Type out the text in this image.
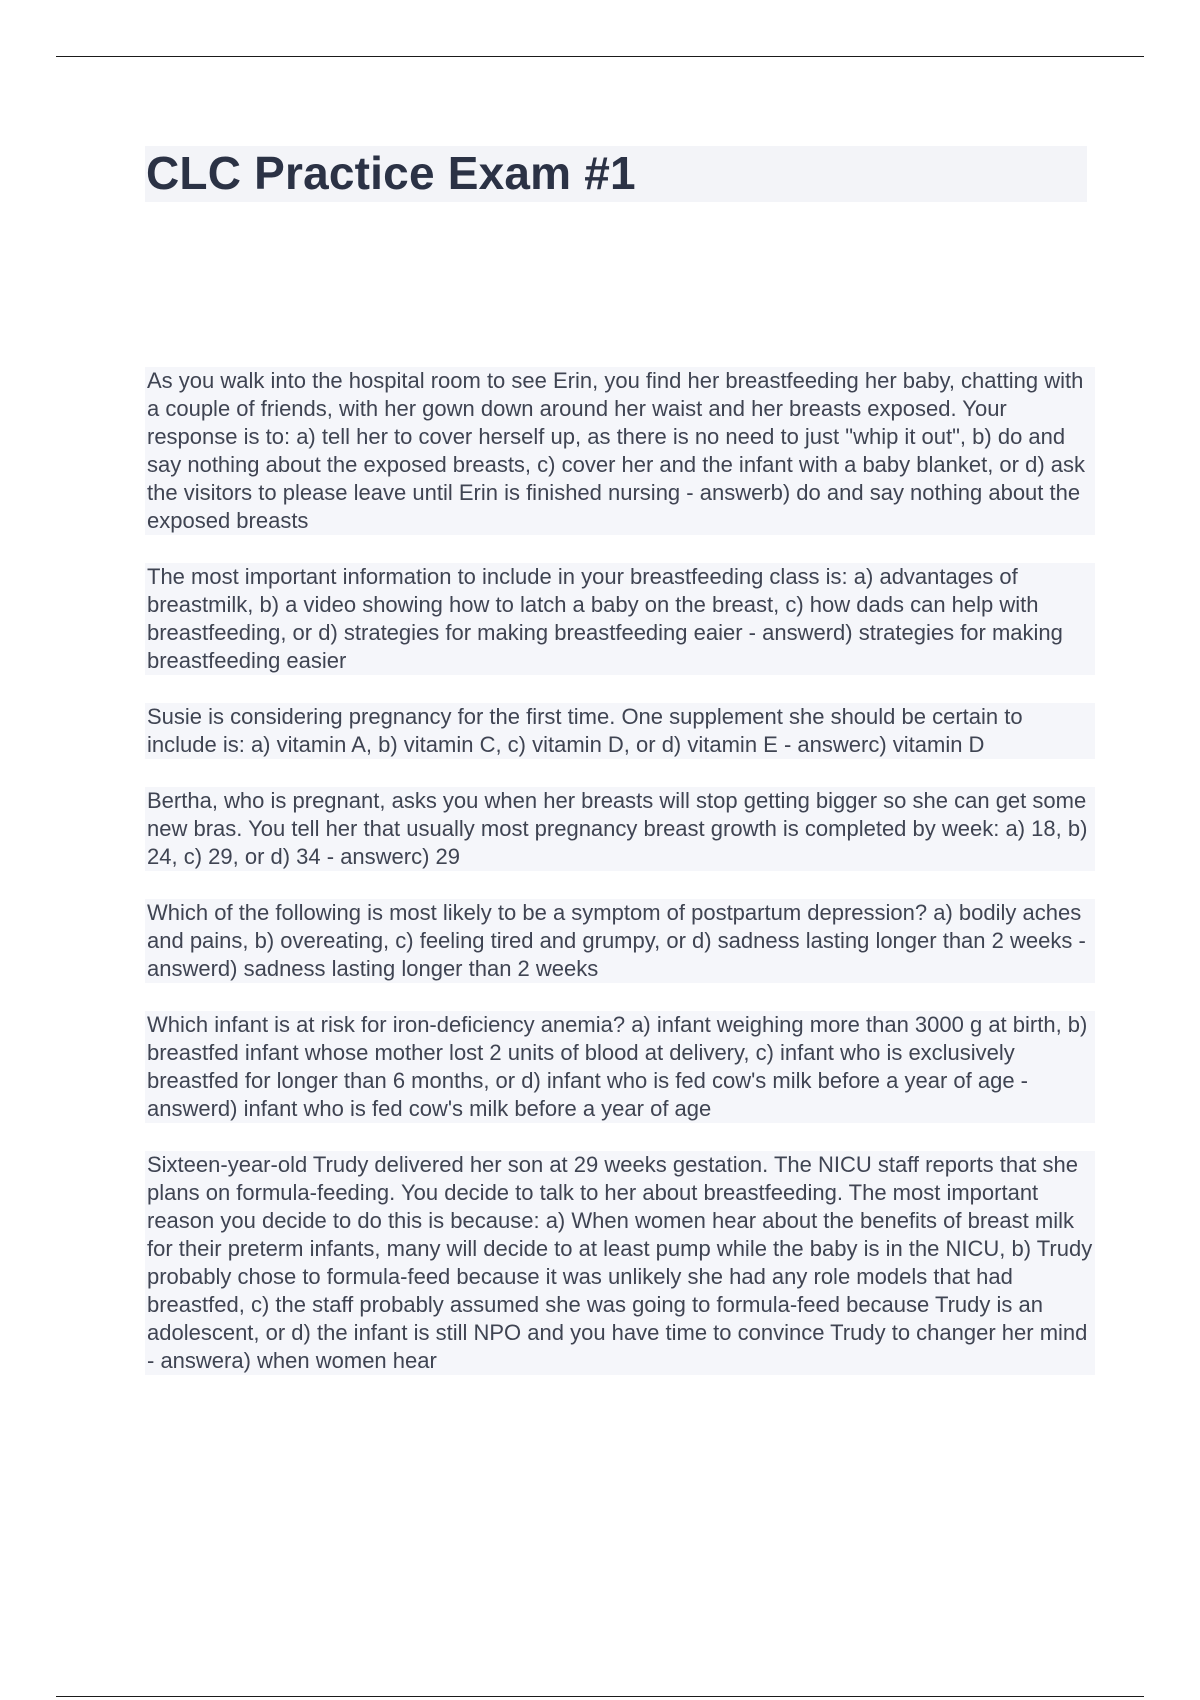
CLC Practice Exam #1

As you walk into the hospital room to see Erin, you find her breastfeeding her baby, chatting with a couple of friends, with her gown down around her waist and her breasts exposed. Your response is to: a) tell her to cover herself up, as there is no need to just "whip it out", b) do and say nothing about the exposed breasts, c) cover her and the infant with a baby blanket, or d) ask the visitors to please leave until Erin is finished nursing - answerb) do and say nothing about the exposed breasts

The most important information to include in your breastfeeding class is: a) advantages of breastmilk, b) a video showing how to latch a baby on the breast, c) how dads can help with breastfeeding, or d) strategies for making breastfeeding eaier - answerd) strategies for making breastfeeding easier

Susie is considering pregnancy for the first time. One supplement she should be certain to include is: a) vitamin A, b) vitamin C, c) vitamin D, or d) vitamin E - answerc) vitamin D

Bertha, who is pregnant, asks you when her breasts will stop getting bigger so she can get some new bras. You tell her that usually most pregnancy breast growth is completed by week: a) 18, b) 24, c) 29, or d) 34 - answerc) 29

Which of the following is most likely to be a symptom of postpartum depression? a) bodily aches and pains, b) overeating, c) feeling tired and grumpy, or d) sadness lasting longer than 2 weeks - answerd) sadness lasting longer than 2 weeks

Which infant is at risk for iron-deficiency anemia? a) infant weighing more than 3000 g at birth, b) breastfed infant whose mother lost 2 units of blood at delivery, c) infant who is exclusively breastfed for longer than 6 months, or d) infant who is fed cow's milk before a year of age - answerd) infant who is fed cow's milk before a year of age

Sixteen-year-old Trudy delivered her son at 29 weeks gestation. The NICU staff reports that she plans on formula-feeding. You decide to talk to her about breastfeeding. The most important reason you decide to do this is because: a) When women hear about the benefits of breast milk for their preterm infants, many will decide to at least pump while the baby is in the NICU, b) Trudy probably chose to formula-feed because it was unlikely she had any role models that had breastfed, c) the staff probably assumed she was going to formula-feed because Trudy is an adolescent, or d) the infant is still NPO and you have time to convince Trudy to changer her mind - answera) when women hear
